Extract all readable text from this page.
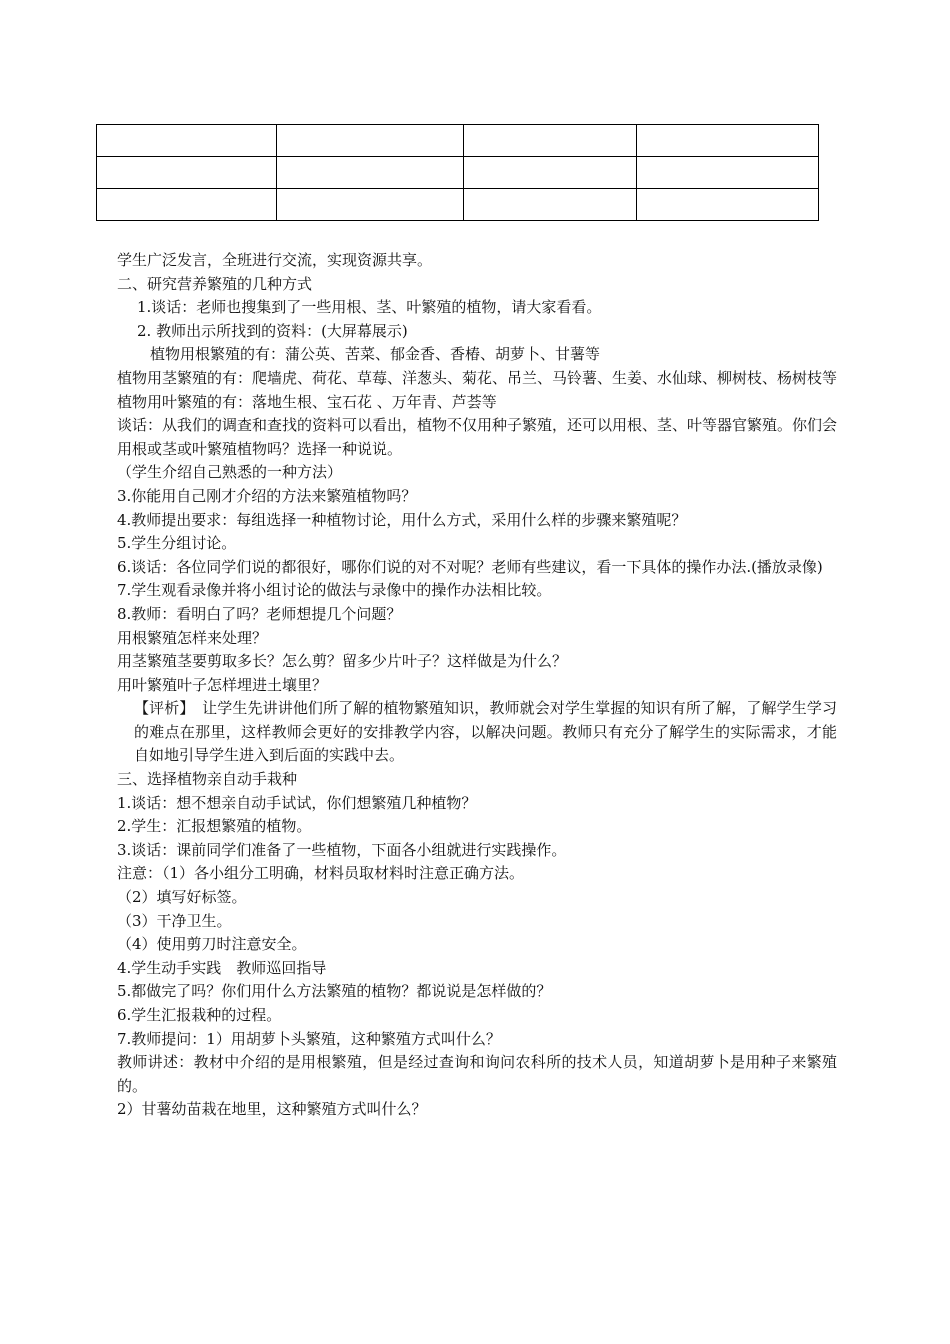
学生广泛发言，全班进行交流，实现资源共享。
二、研究营养繁殖的几种方式
1.谈话：老师也搜集到了一些用根、茎、叶繁殖的植物，请大家看看。
2. 教师出示所找到的资料：(大屏幕展示)
植物用根繁殖的有：蒲公英、苦菜、郁金香、香椿、胡萝卜、甘薯等
植物用茎繁殖的有：爬墙虎、荷花、草莓、洋葱头、菊花、吊兰、马铃薯、生姜、水仙球、柳树枝、杨树枝等
植物用叶繁殖的有：落地生根、宝石花 、万年青、芦荟等
谈话：从我们的调查和查找的资料可以看出，植物不仅用种子繁殖，还可以用根、茎、叶等器官繁殖。你们会用根或茎或叶繁殖植物吗？选择一种说说。
（学生介绍自己熟悉的一种方法）
3.你能用自己刚才介绍的方法来繁殖植物吗？
4.教师提出要求：每组选择一种植物讨论，用什么方式，采用什么样的步骤来繁殖呢？
5.学生分组讨论。
6.谈话：各位同学们说的都很好，哪你们说的对不对呢？老师有些建议，看一下具体的操作办法.(播放录像)
7.学生观看录像并将小组讨论的做法与录像中的操作办法相比较。
8.教师：看明白了吗？老师想提几个问题？
用根繁殖怎样来处理？
用茎繁殖茎要剪取多长？怎么剪？留多少片叶子？这样做是为什么？
用叶繁殖叶子怎样埋进土壤里？
【评析】　让学生先讲讲他们所了解的植物繁殖知识，教师就会对学生掌握的知识有所了解，了解学生学习的难点在那里，这样教师会更好的安排教学内容，以解决问题。教师只有充分了解学生的实际需求，才能自如地引导学生进入到后面的实践中去。
三、选择植物亲自动手栽种
1.谈话：想不想亲自动手试试，你们想繁殖几种植物？
2.学生：汇报想繁殖的植物。
3.谈话：课前同学们准备了一些植物，下面各小组就进行实践操作。
注意：（1）各小组分工明确，材料员取材料时注意正确方法。
（2）填写好标签。
（3）干净卫生。
（4）使用剪刀时注意安全。
4.学生动手实践　教师巡回指导
5.都做完了吗？你们用什么方法繁殖的植物？都说说是怎样做的？
6.学生汇报栽种的过程。
7.教师提问：1）用胡萝卜头繁殖，这种繁殖方式叫什么？
教师讲述：教材中介绍的是用根繁殖，但是经过查询和询问农科所的技术人员，知道胡萝卜是用种子来繁殖的。
2）甘薯幼苗栽在地里，这种繁殖方式叫什么？
